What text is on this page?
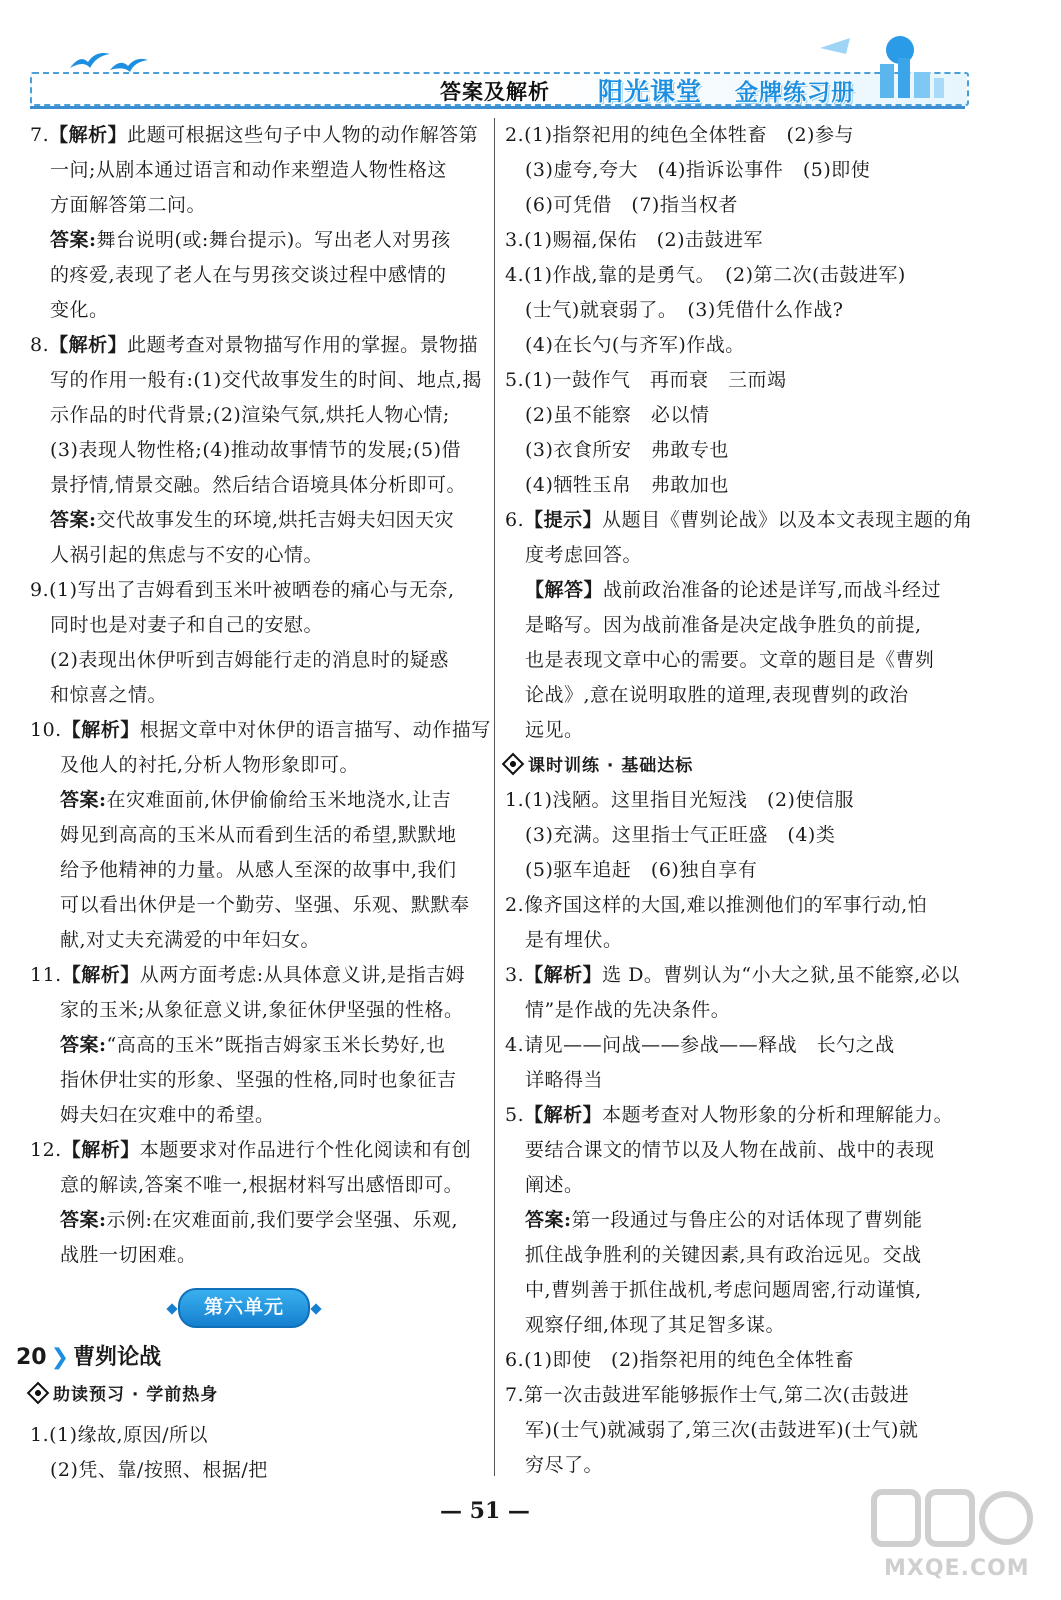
答案及解析 阳光课堂 金牌练习册
7.【解析】此题可根据这些句子中人物的动作解答第
一问;从剧本通过语言和动作来塑造人物性格这
方面解答第二问。
答案:舞台说明(或:舞台提示)。写出老人对男孩
的疼爱,表现了老人在与男孩交谈过程中感情的
变化。
8.【解析】此题考查对景物描写作用的掌握。景物描
写的作用一般有:(1)交代故事发生的时间、地点,揭
示作品的时代背景;(2)渲染气氛,烘托人物心情;
(3)表现人物性格;(4)推动故事情节的发展;(5)借
景抒情,情景交融。然后结合语境具体分析即可。
答案:交代故事发生的环境,烘托吉姆夫妇因天灾
人祸引起的焦虑与不安的心情。
9.(1)写出了吉姆看到玉米叶被晒卷的痛心与无奈,
同时也是对妻子和自己的安慰。
(2)表现出休伊听到吉姆能行走的消息时的疑惑
和惊喜之情。
10.【解析】根据文章中对休伊的语言描写、动作描写
及他人的衬托,分析人物形象即可。
答案:在灾难面前,休伊偷偷给玉米地浇水,让吉
姆见到高高的玉米从而看到生活的希望,默默地
给予他精神的力量。从感人至深的故事中,我们
可以看出休伊是一个勤劳、坚强、乐观、默默奉
献,对丈夫充满爱的中年妇女。
11.【解析】从两方面考虑:从具体意义讲,是指吉姆
家的玉米;从象征意义讲,象征休伊坚强的性格。
答案:“高高的玉米”既指吉姆家玉米长势好,也
指休伊壮实的形象、坚强的性格,同时也象征吉
姆夫妇在灾难中的希望。
12.【解析】本题要求对作品进行个性化阅读和有创
意的解读,答案不唯一,根据材料写出感悟即可。
答案:示例:在灾难面前,我们要学会坚强、乐观,
战胜一切困难。
助读预习 · 学前热身
1.(1)缘故,原因/所以
(2)凭、靠/按照、根据/把
第六单元
20 ❯ 曹刿论战
2.(1)指祭祀用的纯色全体牲畜　(2)参与
(3)虚夸,夸大　(4)指诉讼事件　(5)即使
(6)可凭借　(7)指当权者
3.(1)赐福,保佑　(2)击鼓进军
4.(1)作战,靠的是勇气。　(2)第二次(击鼓进军)
(士气)就衰弱了。　(3)凭借什么作战?
(4)在长勺(与齐军)作战。
5.(1)一鼓作气　再而衰　三而竭
(2)虽不能察　必以情
(3)衣食所安　弗敢专也
(4)牺牲玉帛　弗敢加也
6.【提示】从题目《曹刿论战》以及本文表现主题的角
度考虑回答。
【解答】战前政治准备的论述是详写,而战斗经过
是略写。因为战前准备是决定战争胜负的前提,
也是表现文章中心的需要。文章的题目是《曹刿
论战》,意在说明取胜的道理,表现曹刿的政治
远见。
课时训练 · 基础达标
1.(1)浅陋。这里指目光短浅　(2)使信服
(3)充满。这里指士气正旺盛　(4)类
(5)驱车追赶　(6)独自享有
2.像齐国这样的大国,难以推测他们的军事行动,怕
是有埋伏。
3.【解析】选 D。曹刿认为“小大之狱,虽不能察,必以
情”是作战的先决条件。
4.请见——问战——参战——释战　长勺之战
详略得当
5.【解析】本题考查对人物形象的分析和理解能力。
要结合课文的情节以及人物在战前、战中的表现
阐述。
答案:第一段通过与鲁庄公的对话体现了曹刿能
抓住战争胜利的关键因素,具有政治远见。交战
中,曹刿善于抓住战机,考虑问题周密,行动谨慎,
观察仔细,体现了其足智多谋。
6.(1)即使　(2)指祭祀用的纯色全体牲畜
7.第一次击鼓进军能够振作士气,第二次(击鼓进
军)(士气)就减弱了,第三次(击鼓进军)(士气)就
穷尽了。
— 51 —
MXQE.COM
